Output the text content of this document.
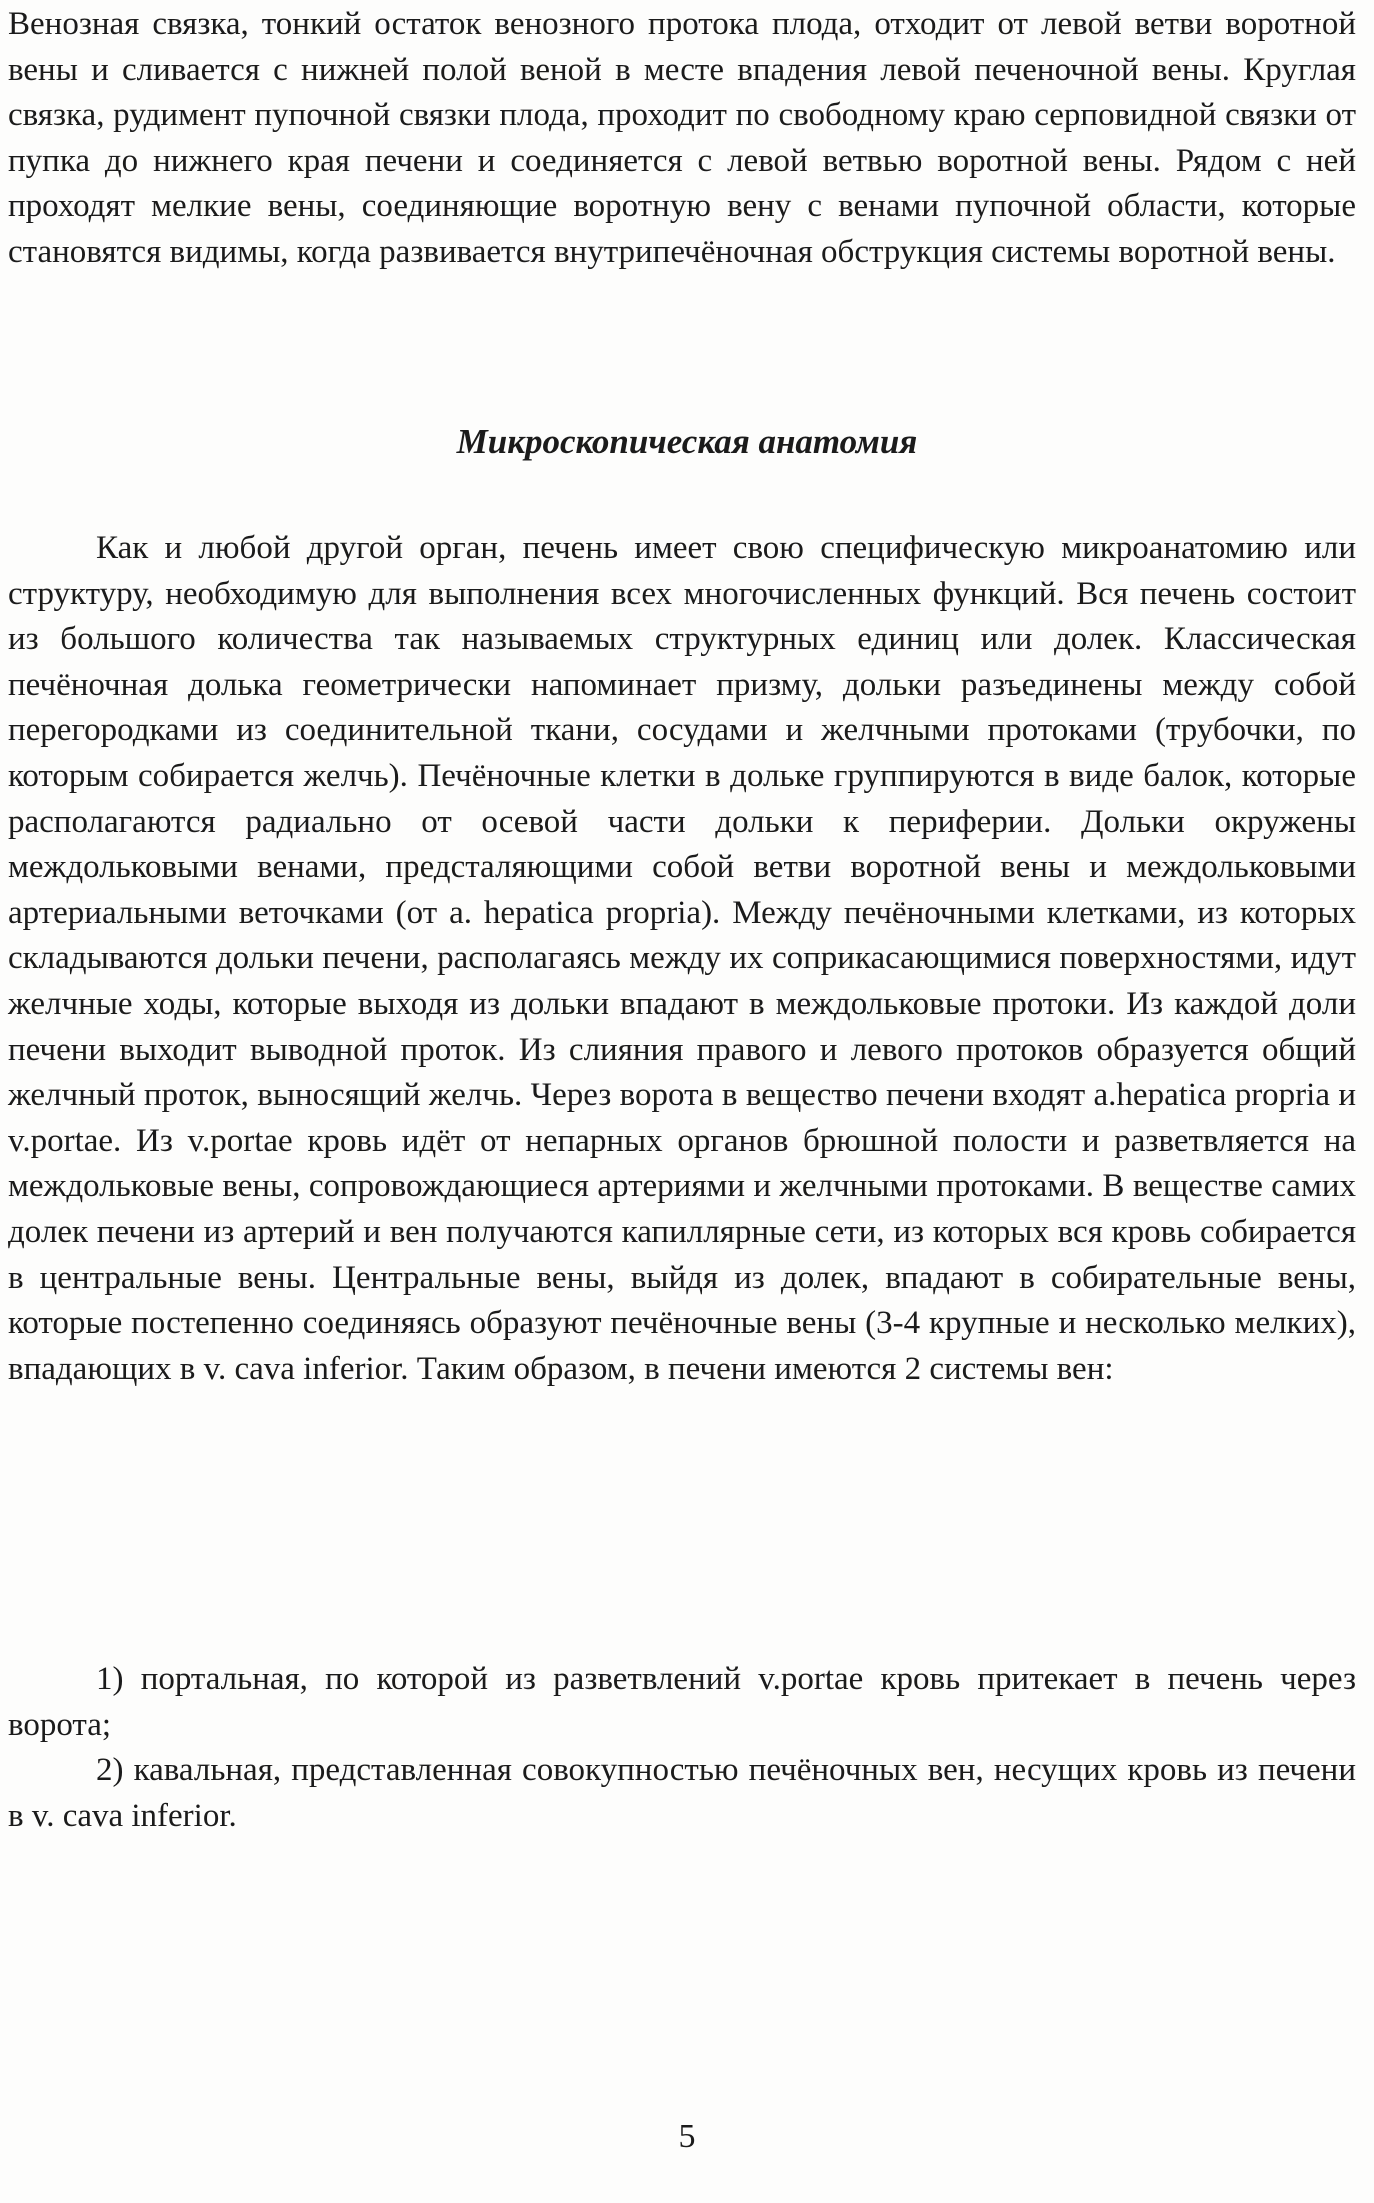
Венозная связка, тонкий остаток венозного протока плода, отходит от левой ветви воротной вены и сливается с нижней полой веной в месте впадения левой печеночной вены. Круглая связка, рудимент пупочной связки плода, проходит по свободному краю серповидной связки от пупка до нижнего края печени и соединяется с левой ветвью воротной вены. Рядом с ней проходят мелкие вены, соединяющие воротную вену с венами пупочной области, которые становятся видимы, когда развивается внутрипечёночная обструкция системы воротной вены.

Микроскопическая анатомия

Как и любой другой орган, печень имеет свою специфическую микроанатомию или структуру, необходимую для выполнения всех многочисленных функций. Вся печень состоит из большого количества так называемых структурных единиц или долек. Классическая печёночная долька геометрически напоминает призму, дольки разъединены между собой перегородками из соединительной ткани, сосудами и желчными протоками (трубочки, по которым собирается желчь). Печёночные клетки в дольке группируются в виде балок, которые располагаются радиально от осевой части дольки к периферии. Дольки окружены междольковыми венами, предсталяющими собой ветви воротной вены и междольковыми артериальными веточками (от a. hepatica propria). Между печёночными клетками, из которых складываются дольки печени, располагаясь между их соприкасающимися поверхностями, идут желчные ходы, которые выходя из дольки впадают в междольковые протоки. Из каждой доли печени выходит выводной проток. Из слияния правого и левого протоков образуется общий желчный проток, выносящий желчь. Через ворота в вещество печени входят a.hepatica propria и v.portae. Из v.portae кровь идёт от непарных органов брюшной полости и разветвляется на междольковые вены, сопровождающиеся артериями и желчными протоками. В веществе самих долек печени из артерий и вен получаются капиллярные сети, из которых вся кровь собирается в центральные вены. Центральные вены, выйдя из долек, впадают в собирательные вены, которые постепенно соединяясь образуют печёночные вены (3-4 крупные и несколько мелких), впадающих в v. cava inferior. Таким образом, в печени имеются 2 системы вен:

1) портальная, по которой из разветвлений v.portae кровь притекает в печень через ворота;

2) кавальная, представленная совокупностью печёночных вен, несущих кровь из печени в v. cava inferior.

5
